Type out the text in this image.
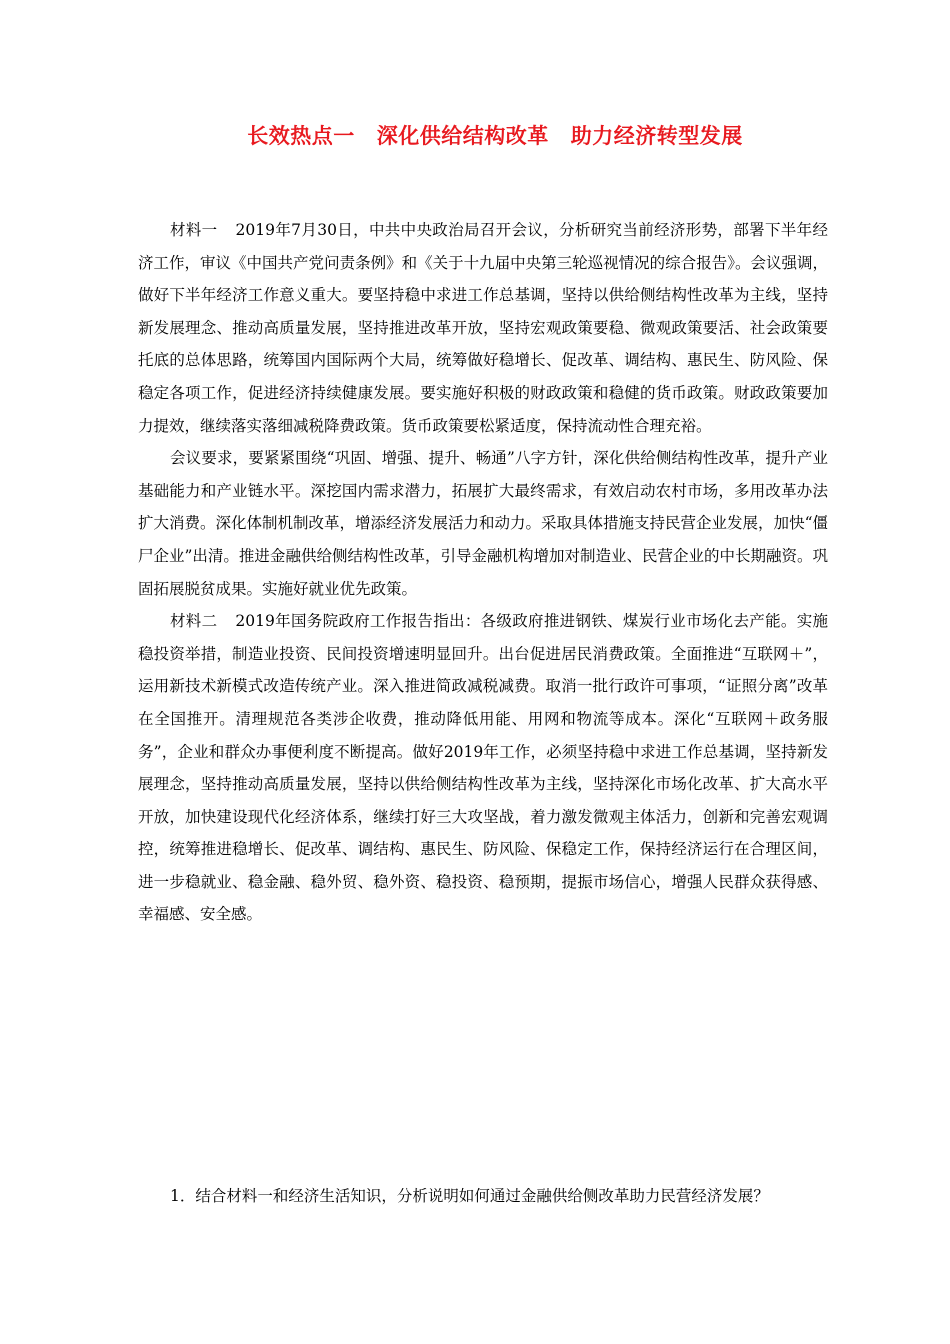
长效热点一 深化供给结构改革 助力经济转型发展

材料一 2019年7月30日，中共中央政治局召开会议，分析研究当前经济形势，部署下半年经济工作，审议《中国共产党问责条例》和《关于十九届中央第三轮巡视情况的综合报告》。会议强调，做好下半年经济工作意义重大。要坚持稳中求进工作总基调，坚持以供给侧结构性改革为主线，坚持新发展理念、推动高质量发展，坚持推进改革开放，坚持宏观政策要稳、微观政策要活、社会政策要托底的总体思路，统筹国内国际两个大局，统筹做好稳增长、促改革、调结构、惠民生、防风险、保稳定各项工作，促进经济持续健康发展。要实施好积极的财政政策和稳健的货币政策。财政政策要加力提效，继续落实落细减税降费政策。货币政策要松紧适度，保持流动性合理充裕。

会议要求，要紧紧围绕“巩固、增强、提升、畅通”八字方针，深化供给侧结构性改革，提升产业基础能力和产业链水平。深挖国内需求潜力，拓展扩大最终需求，有效启动农村市场，多用改革办法扩大消费。深化体制机制改革，增添经济发展活力和动力。采取具体措施支持民营企业发展，加快“僵尸企业”出清。推进金融供给侧结构性改革，引导金融机构增加对制造业、民营企业的中长期融资。巩固拓展脱贫成果。实施好就业优先政策。

材料二 2019年国务院政府工作报告指出：各级政府推进钢铁、煤炭行业市场化去产能。实施稳投资举措，制造业投资、民间投资增速明显回升。出台促进居民消费政策。全面推进“互联网＋”，运用新技术新模式改造传统产业。深入推进简政减税减费。取消一批行政许可事项，“证照分离”改革在全国推开。清理规范各类涉企收费，推动降低用能、用网和物流等成本。深化“互联网＋政务服务”，企业和群众办事便利度不断提高。做好2019年工作，必须坚持稳中求进工作总基调，坚持新发展理念，坚持推动高质量发展，坚持以供给侧结构性改革为主线，坚持深化市场化改革、扩大高水平开放，加快建设现代化经济体系，继续打好三大攻坚战，着力激发微观主体活力，创新和完善宏观调控，统筹推进稳增长、促改革、调结构、惠民生、防风险、保稳定工作，保持经济运行在合理区间，进一步稳就业、稳金融、稳外贸、稳外资、稳投资、稳预期，提振市场信心，增强人民群众获得感、幸福感、安全感。

1．结合材料一和经济生活知识，分析说明如何通过金融供给侧改革助力民营经济发展？
